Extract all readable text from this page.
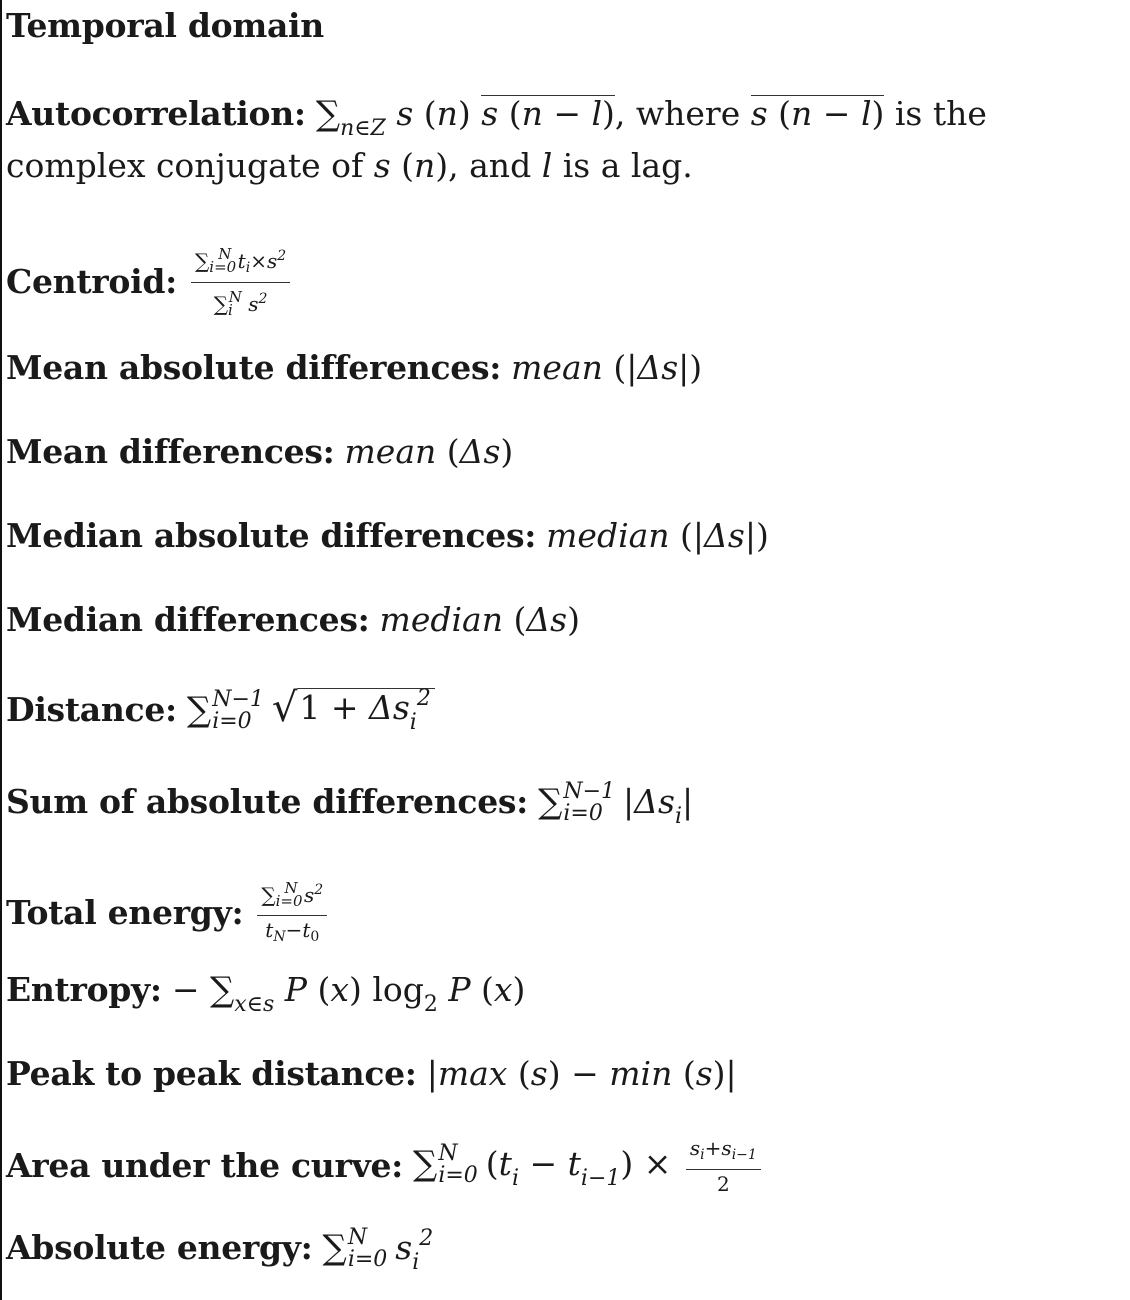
Temporal domain
Autocorrelation: $\sum_{n\in Z}$ s (n) s (n − l), where s (n − l) is the complex conjugate of s (n), and l is a lag.
Centroid: $\frac{\sum_{i=0}^N t_i\times s^2}{\sum_i^N s^2}$
Mean absolute differences: mean (|Δs|)
Mean differences: mean (Δs)
Median absolute differences: median (|Δs|)
Median differences: median (Δs)
Distance: ∑ N−1
i=0 √ $1 + \Delta s_i^2$
Sum of absolute differences: ∑ N−1
i=0 $|\Delta s_i|$
Total energy: $\frac{\sum_{i=0}^N s^2}{t_N-t_0}$
Entropy: − $\sum_{x\in s}$ P (x) $\log_2 P$ (x)
Peak to peak distance: |max (s) − min (s)|
Area under the curve: ∑ N
i=0 $(t_i - t_{i-1}) \times \frac{s_i+s_{i-1}}{2}$
Absolute energy: ∑ N
i=0 $s_i^2$
